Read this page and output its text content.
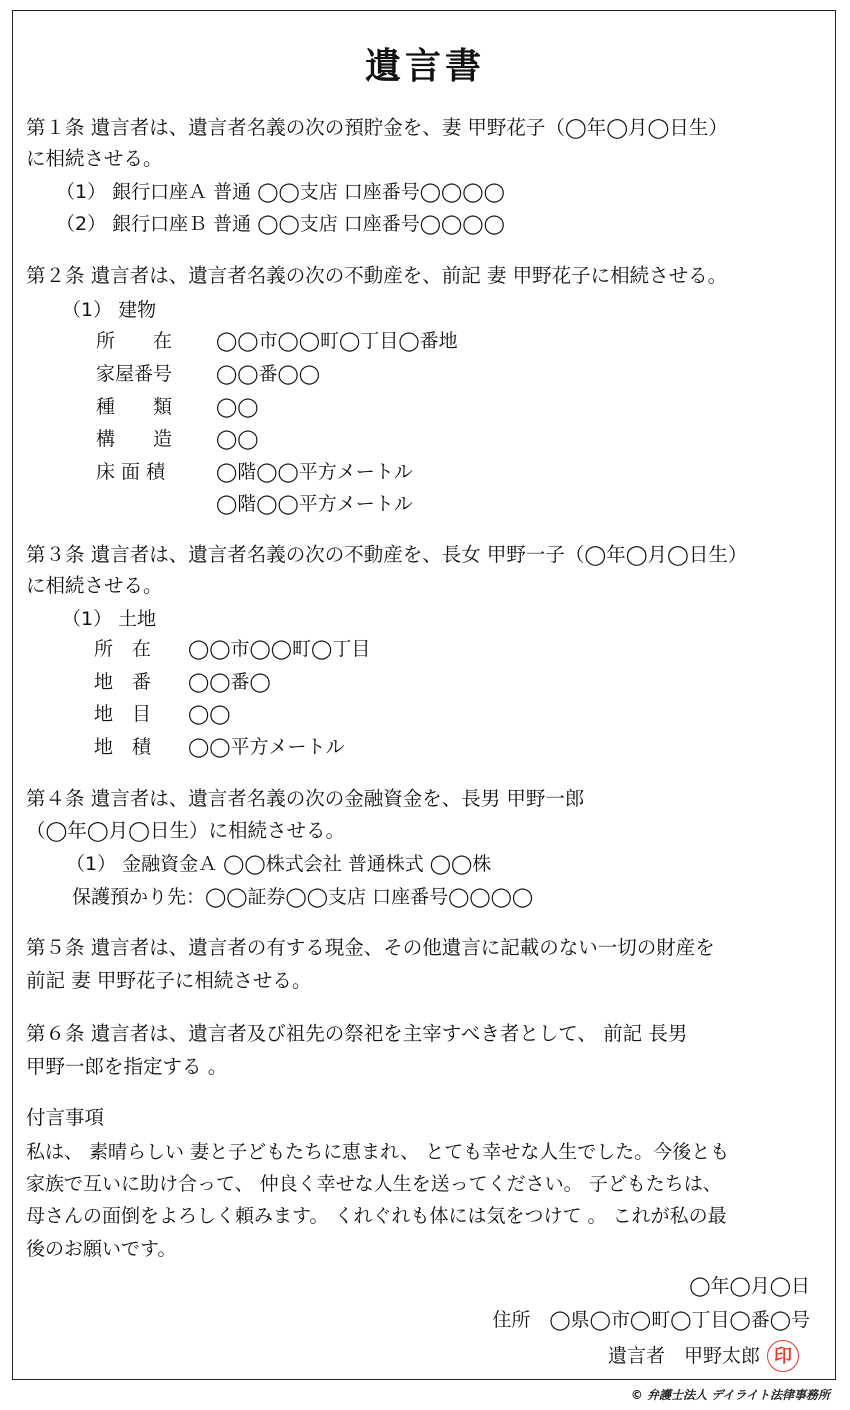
遺言書
第１条 遺言者は、遺言者名義の次の預貯金を、妻 甲野花子（◯年◯月◯日生）
に相続させる。
（1） 銀行口座Ａ 普通 ◯◯支店 口座番号◯◯◯◯
（2） 銀行口座Ｂ 普通 ◯◯支店 口座番号◯◯◯◯
第２条 遺言者は、遺言者名義の次の不動産を、前記 妻 甲野花子に相続させる。
（1） 建物
所　　在 ◯◯市◯◯町◯丁目◯番地
家屋番号 ◯◯番◯◯
種　　類 ◯◯
構　　造 ◯◯
床 面 積	◯階◯◯平方メートル
◯階◯◯平方メートル
第３条 遺言者は、遺言者名義の次の不動産を、長女 甲野一子（◯年◯月◯日生）
に相続させる。
（1） 土地
所　在 ◯◯市◯◯町◯丁目
地　番 ◯◯番◯
地　目 ◯◯
地　積 ◯◯平方メートル
第４条 遺言者は、遺言者名義の次の金融資金を、長男 甲野一郎
（◯年◯月◯日生）に相続させる。
（1） 金融資金Ａ ◯◯株式会社 普通株式 ◯◯株
保護預かり先：◯◯証券◯◯支店 口座番号◯◯◯◯
第５条 遺言者は、遺言者の有する現金、その他遺言に記載のない一切の財産を
前記 妻 甲野花子に相続させる。
第６条 遺言者は、遺言者及び祖先の祭祀を主宰すべき者として、 前記 長男
甲野一郎を指定する 。
付言事項
私は、 素晴らしい 妻と子どもたちに恵まれ、 とても幸せな人生でした。今後とも
家族で互いに助け合って、 仲良く幸せな人生を送ってください。 子どもたちは、
母さんの面倒をよろしく頼みます。 くれぐれも体には気をつけて 。 これが私の最
後のお願いです。
◯年◯月◯日
住所　◯県◯市◯町◯丁目◯番◯号
遺言者　甲野太郎 印
© 弁護士法人 デイライト法律事務所
